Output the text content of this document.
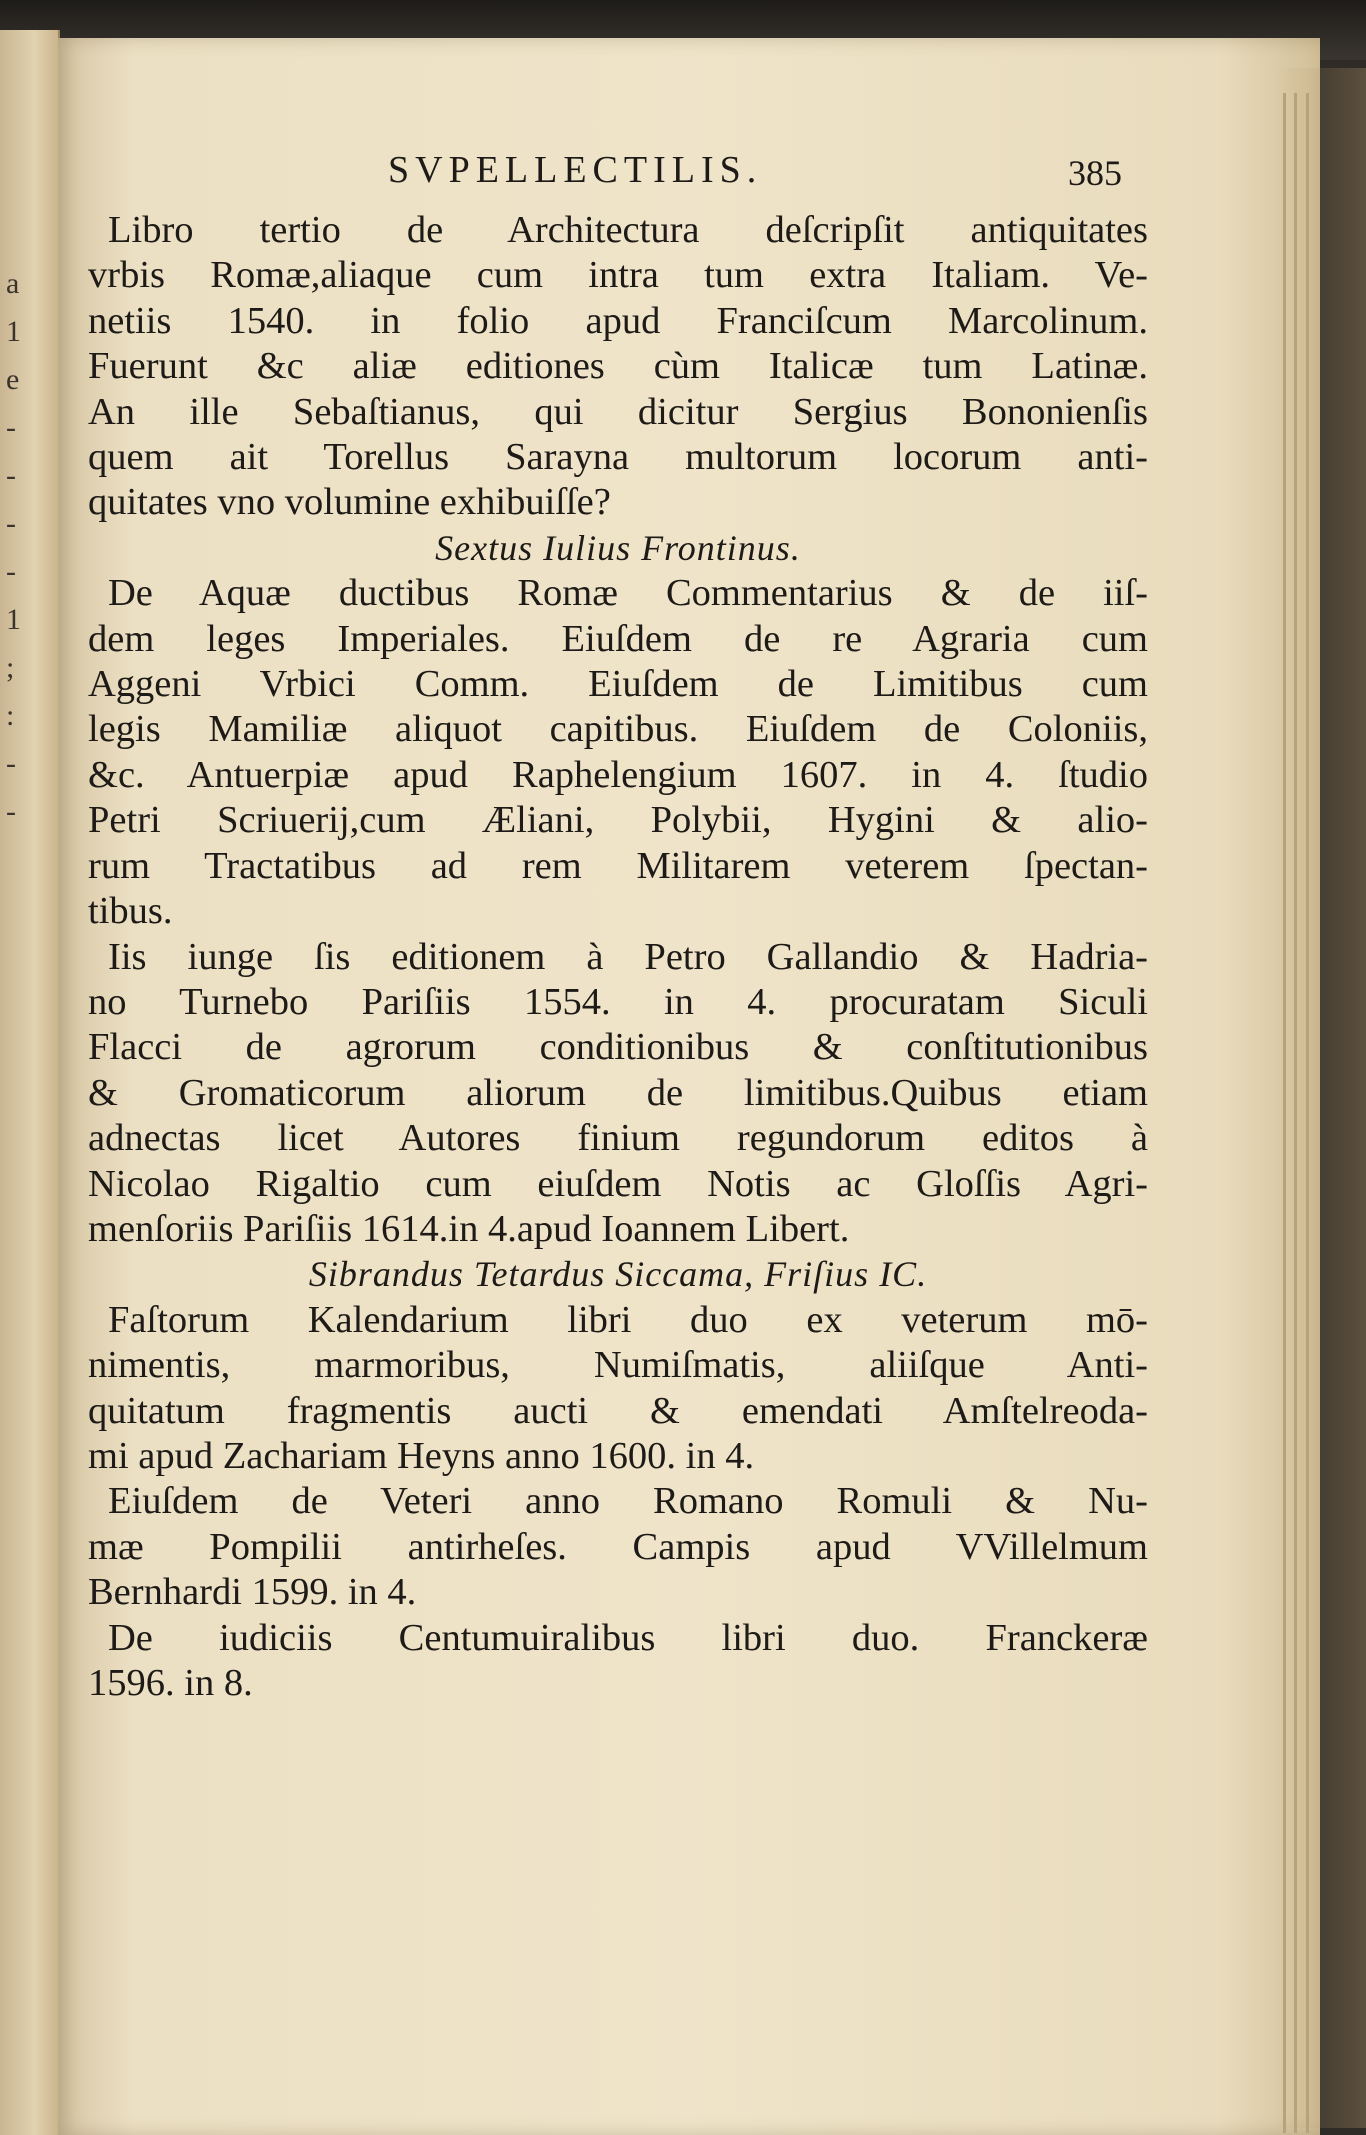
a
1
e
-
-
-
-
1
;
:
-
-
SVPELLECTILIS.	385
Libro tertio de Architectura deſcripſit antiquitates
vrbis Romæ,aliaque cum intra tum extra Italiam. Ve-
netiis 1540. in folio apud Franciſcum Marcolinum.
Fuerunt &c aliæ editiones cùm Italicæ tum Latinæ.
An ille Sebaſtianus, qui dicitur Sergius Bononienſis
quem ait Torellus Sarayna multorum locorum anti-
quitates vno volumine exhibuiſſe?
Sextus Iulius Frontinus.
De Aquæ ductibus Romæ Commentarius & de iiſ-
dem leges Imperiales. Eiuſdem de re Agraria cum
Aggeni Vrbici Comm. Eiuſdem de Limitibus cum
legis Mamiliæ aliquot capitibus. Eiuſdem de Coloniis,
&c. Antuerpiæ apud Raphelengium 1607. in 4. ſtudio
Petri Scriuerij,cum Æliani, Polybii, Hygini & alio-
rum Tractatibus ad rem Militarem veterem ſpectan-
tibus.
Iis iunge ſis editionem à Petro Gallandio & Hadria-
no Turnebo Pariſiis 1554. in 4. procuratam Siculi
Flacci de agrorum conditionibus & conſtitutionibus
& Gromaticorum aliorum de limitibus.Quibus etiam
adnectas licet Autores finium regundorum editos à
Nicolao Rigaltio cum eiuſdem Notis ac Gloſſis Agri-
menſoriis Pariſiis 1614.in 4.apud Ioannem Libert.
Sibrandus Tetardus Siccama, Friſius IC.
Faſtorum Kalendarium libri duo ex veterum mō-
nimentis, marmoribus, Numiſmatis, aliiſque Anti-
quitatum fragmentis aucti & emendati Amſtelreoda-
mi apud Zachariam Heyns anno 1600. in 4.
Eiuſdem de Veteri anno Romano Romuli & Nu-
mæ Pompilii antirheſes. Campis apud VVillelmum
Bernhardi 1599. in 4.
De iudiciis Centumuiralibus libri duo. Franckeræ
1596. in 8.
